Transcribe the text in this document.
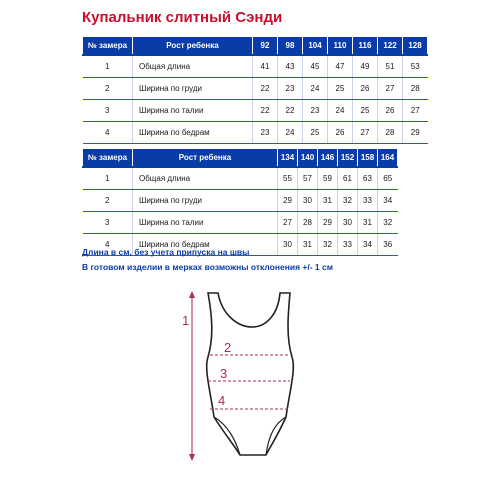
Купальник слитный Сэнди
№ замера	Рост ребенка	92	98	104	110	116	122	128
1	Общая длина	41	43	45	47	49	51	53
2	Ширина по груди	22	23	24	25	26	27	28
3	Ширина по талии	22	22	23	24	25	26	27
4	Ширина по бедрам	23	24	25	26	27	28	29
№ замера	Рост ребенка	134	140	146	152	158	164
1	Общая длина	55	57	59	61	63	65
2	Ширина по груди	29	30	31	32	33	34
3	Ширина по талии	27	28	29	30	31	32
4	Ширина по бедрам	30	31	32	33	34	36
Длина в см, без учета припуска на швы
В готовом изделии в мерках возможны отклонения +/- 1 см
1
2
3
4
